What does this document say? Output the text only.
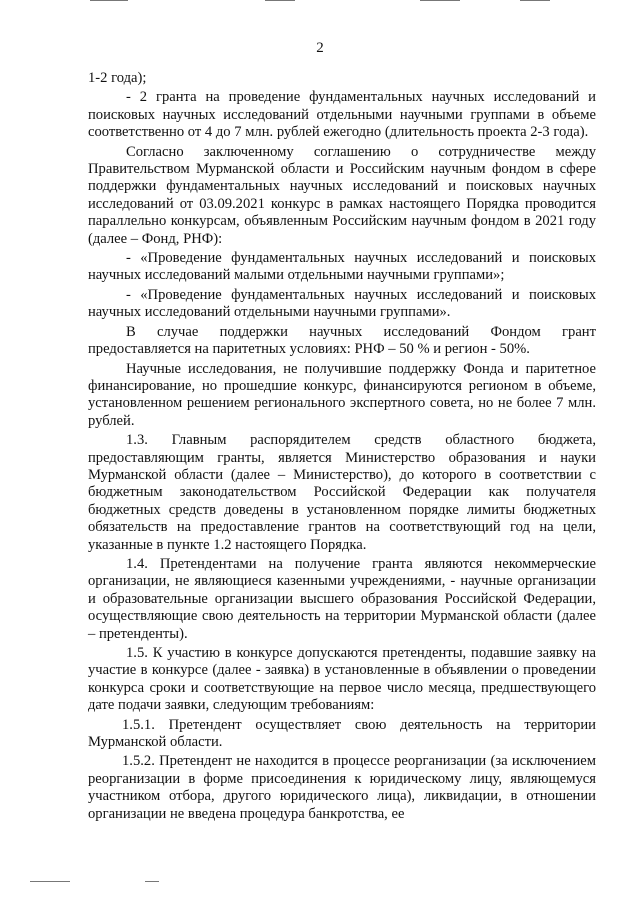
2

1-2 года);

- 2 гранта на проведение фундаментальных научных исследований и поисковых научных исследований отдельными научными группами в объеме соответственно от 4 до 7 млн. рублей ежегодно (длительность проекта 2-3 года).

Согласно заключенному соглашению о сотрудничестве между Правительством Мурманской области и Российским научным фондом в сфере поддержки фундаментальных научных исследований и поисковых научных исследований от 03.09.2021 конкурс в рамках настоящего Порядка проводится параллельно конкурсам, объявленным Российским научным фондом в 2021 году (далее – Фонд, РНФ):

- «Проведение фундаментальных научных исследований и поисковых научных исследований малыми отдельными научными группами»;

- «Проведение фундаментальных научных исследований и поисковых научных исследований отдельными научными группами».

В случае поддержки научных исследований Фондом грант предоставляется на паритетных условиях: РНФ – 50 % и регион - 50%.

Научные исследования, не получившие поддержку Фонда и паритетное финансирование, но прошедшие конкурс, финансируются регионом в объеме, установленном решением регионального экспертного совета, но не более 7 млн. рублей.

1.3. Главным распорядителем средств областного бюджета, предоставляющим гранты, является Министерство образования и науки Мурманской области (далее – Министерство), до которого в соответствии с бюджетным законодательством Российской Федерации как получателя бюджетных средств доведены в установленном порядке лимиты бюджетных обязательств на предоставление грантов на соответствующий год на цели, указанные в пункте 1.2 настоящего Порядка.

1.4. Претендентами на получение гранта являются некоммерческие организации, не являющиеся казенными учреждениями, - научные организации и образовательные организации высшего образования Российской Федерации, осуществляющие свою деятельность на территории Мурманской области (далее – претенденты).

1.5. К участию в конкурсе допускаются претенденты, подавшие заявку на участие в конкурсе (далее - заявка) в установленные в объявлении о проведении конкурса сроки и соответствующие на первое число месяца, предшествующего дате подачи заявки, следующим требованиям:

1.5.1. Претендент осуществляет свою деятельность на территории Мурманской области.

1.5.2. Претендент не находится в процессе реорганизации (за исключением реорганизации в форме присоединения к юридическому лицу, являющемуся участником отбора, другого юридического лица), ликвидации, в отношении организации не введена процедура банкротства, ее
